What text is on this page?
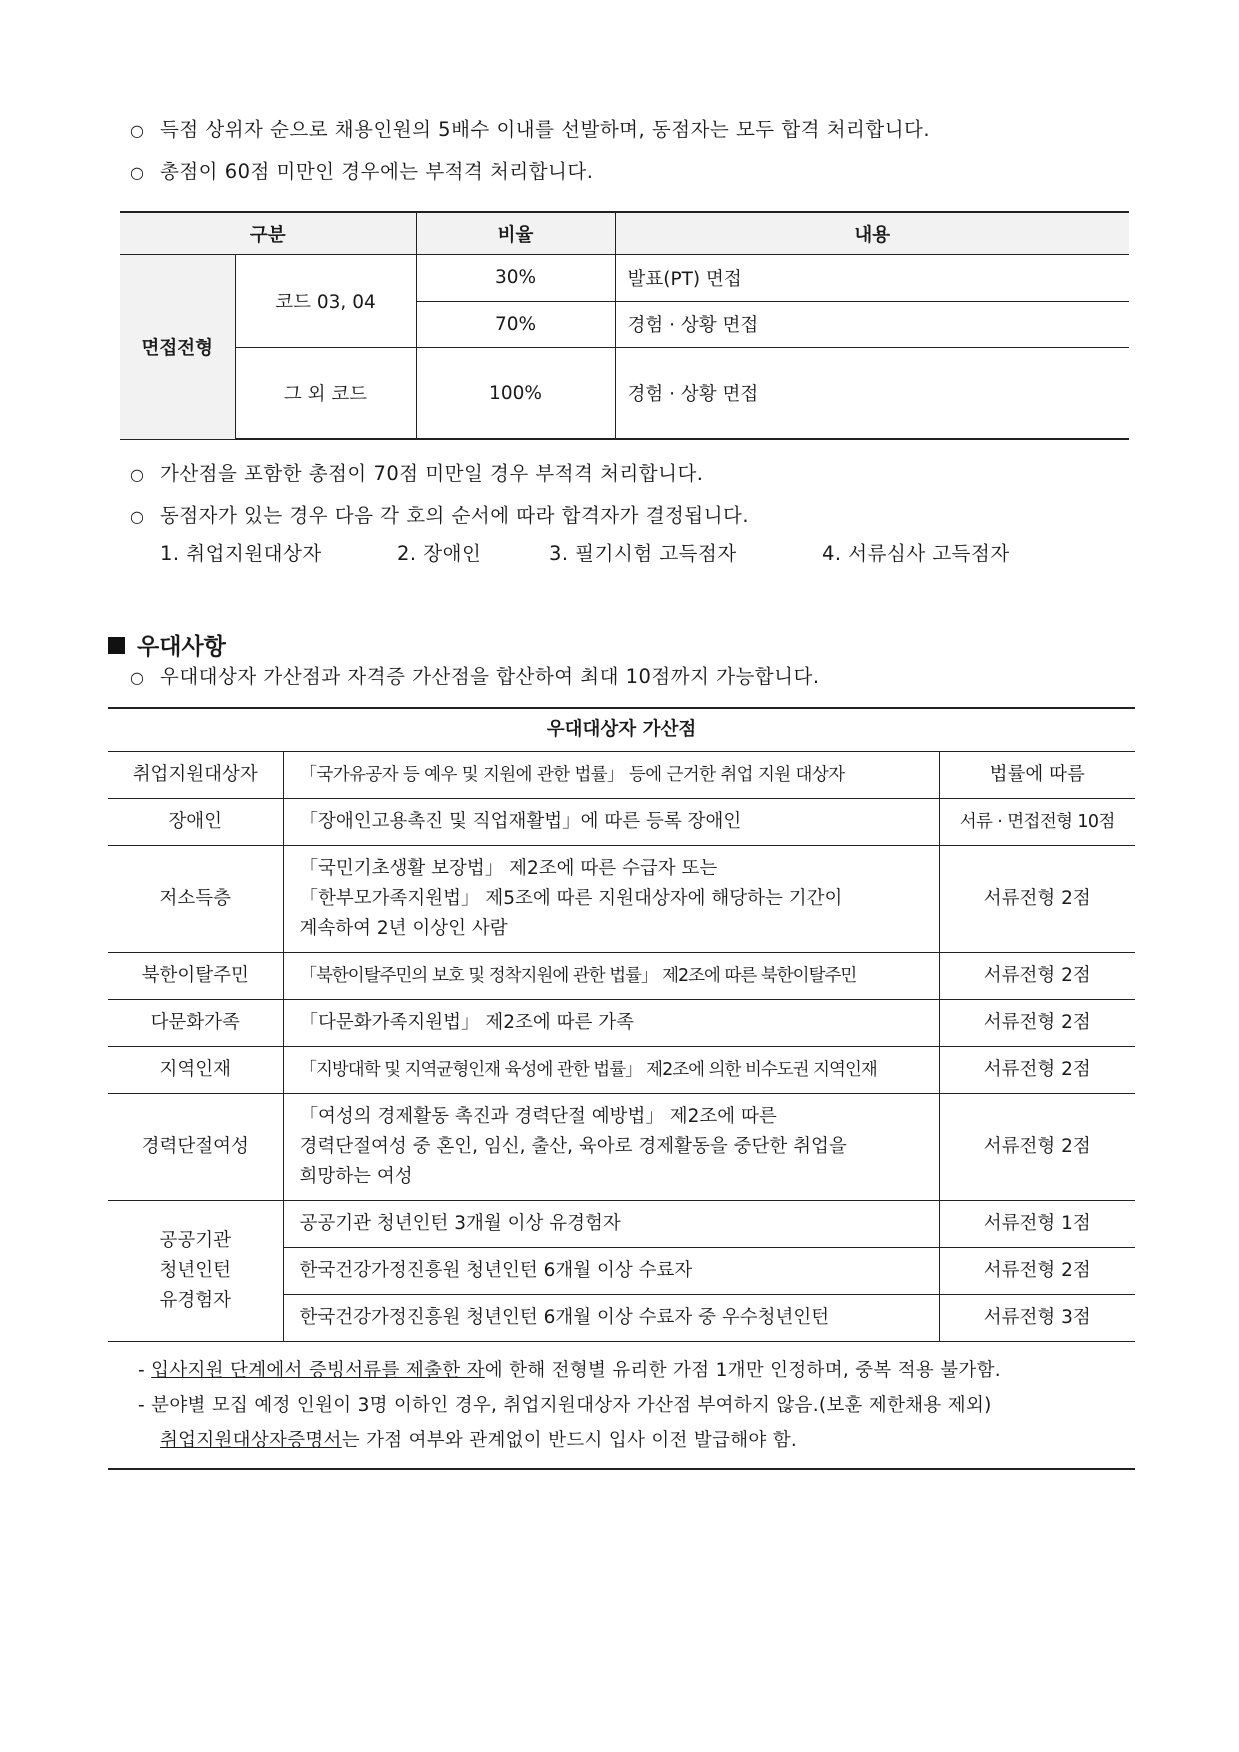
○ 득점 상위자 순으로 채용인원의 5배수 이내를 선발하며, 동점자는 모두 합격 처리합니다.
○ 총점이 60점 미만인 경우에는 부적격 처리합니다.
구분		비율	내용
면접전형	코드 03, 04	30%	발표(PT) 면접
		70%	경험 · 상황 면접
	그 외 코드	100%	경험 · 상황 면접
○ 가산점을 포함한 총점이 70점 미만일 경우 부적격 처리합니다.
○ 동점자가 있는 경우 다음 각 호의 순서에 따라 합격자가 결정됩니다.
1. 취업지원대상자	2. 장애인	3. 필기시험 고득점자	4. 서류심사 고득점자
우대사항
○ 우대대상자 가산점과 자격증 가산점을 합산하여 최대 10점까지 가능합니다.
우대대상자 가산점		
취업지원대상자	「국가유공자 등 예우 및 지원에 관한 법률」 등에 근거한 취업 지원 대상자	법률에 따름
장애인	「장애인고용촉진 및 직업재활법」에 따른 등록 장애인	서류 · 면접전형 10점
저소득층	「국민기초생활 보장법」 제2조에 따른 수급자 또는
「한부모가족지원법」 제5조에 따른 지원대상자에 해당하는 기간이
계속하여 2년 이상인 사람	서류전형 2점
북한이탈주민	「북한이탈주민의 보호 및 정착지원에 관한 법률」 제2조에 따른 북한이탈주민	서류전형 2점
다문화가족	「다문화가족지원법」 제2조에 따른 가족	서류전형 2점
지역인재	「지방대학 및 지역균형인재 육성에 관한 법률」 제2조에 의한 비수도권 지역인재	서류전형 2점
경력단절여성	「여성의 경제활동 촉진과 경력단절 예방법」 제2조에 따른
경력단절여성 중 혼인, 임신, 출산, 육아로 경제활동을 중단한 취업을
희망하는 여성	서류전형 2점

공공기관
청년인턴
유경험자	공공기관 청년인턴 3개월 이상 유경험자	서류전형 1점
	한국건강가정진흥원 청년인턴 6개월 이상 수료자	서류전형 2점
	한국건강가정진흥원 청년인턴 6개월 이상 수료자 중 우수청년인턴	서류전형 3점
- 입사지원 단계에서 증빙서류를 제출한 자에 한해 전형별 유리한 가점 1개만 인정하며, 중복 적용 불가함.
- 분야별 모집 예정 인원이 3명 이하인 경우, 취업지원대상자 가산점 부여하지 않음.(보훈 제한채용 제외)
취업지원대상자증명서는 가점 여부와 관계없이 반드시 입사 이전 발급해야 함.
